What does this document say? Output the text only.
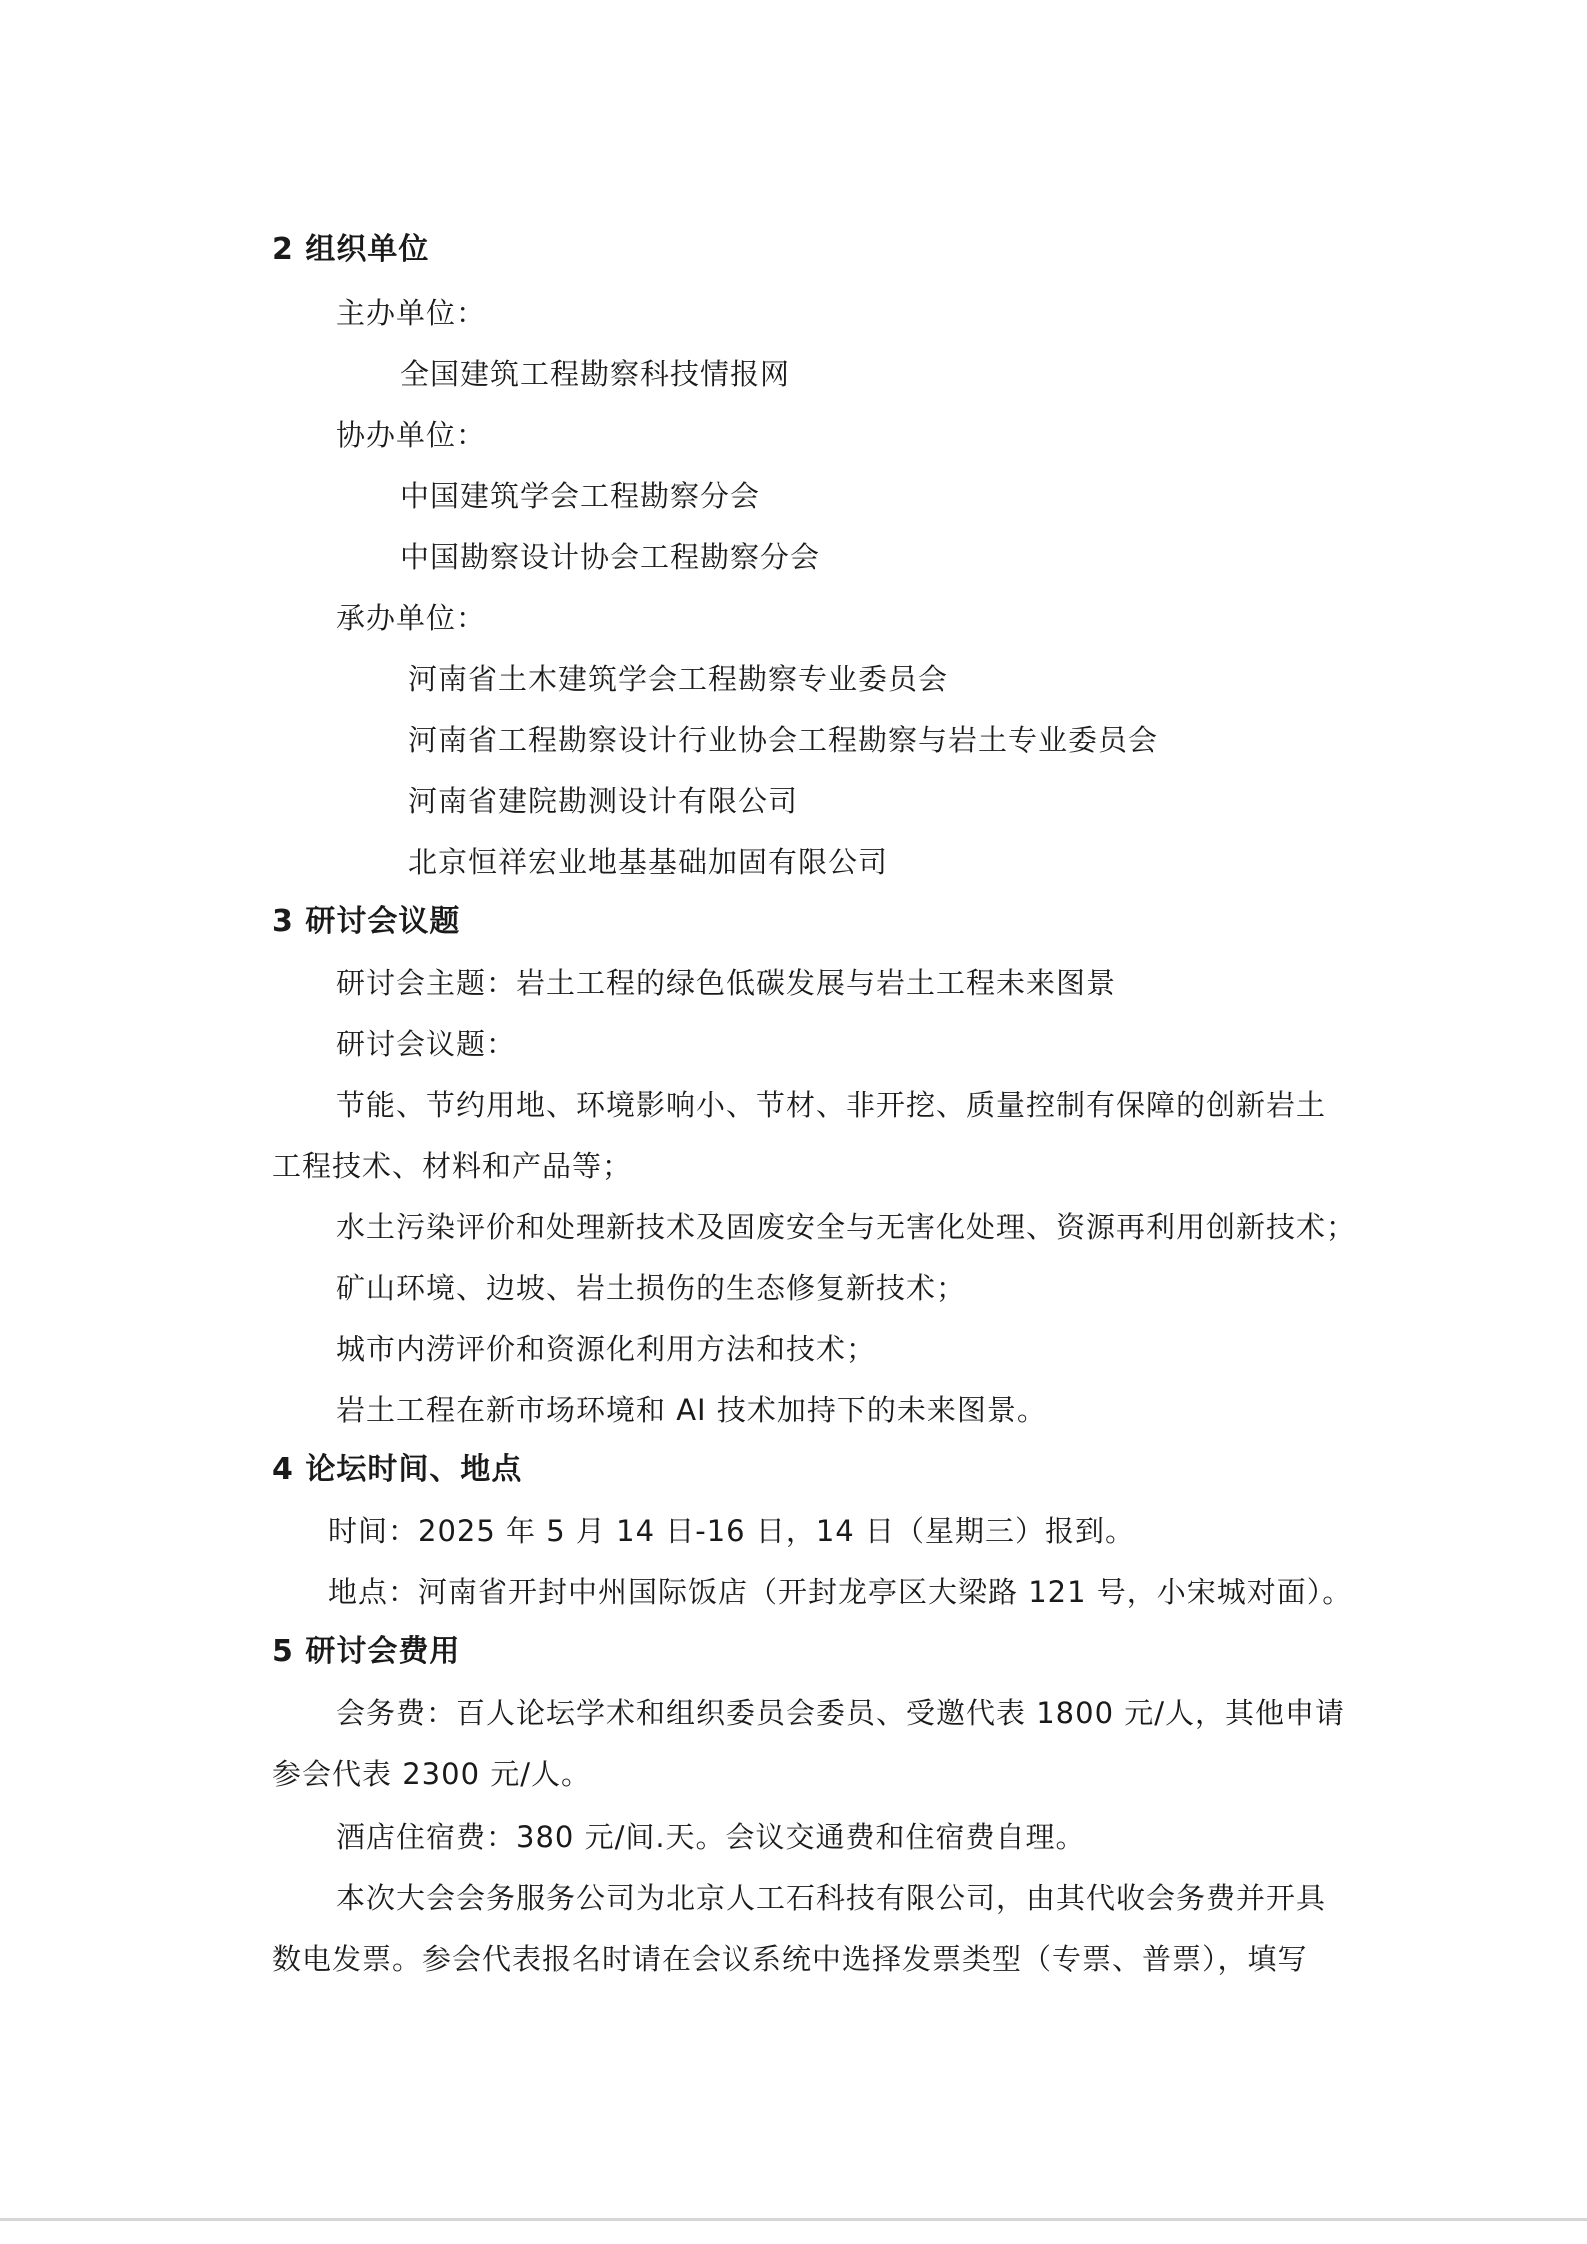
2 组织单位
主办单位：
全国建筑工程勘察科技情报网
协办单位：
中国建筑学会工程勘察分会
中国勘察设计协会工程勘察分会
承办单位：
河南省土木建筑学会工程勘察专业委员会
河南省工程勘察设计行业协会工程勘察与岩土专业委员会
河南省建院勘测设计有限公司
北京恒祥宏业地基基础加固有限公司
3 研讨会议题
研讨会主题：岩土工程的绿色低碳发展与岩土工程未来图景
研讨会议题：
节能、节约用地、环境影响小、节材、非开挖、质量控制有保障的创新岩土
工程技术、材料和产品等；
水土污染评价和处理新技术及固废安全与无害化处理、资源再利用创新技术；
矿山环境、边坡、岩土损伤的生态修复新技术；
城市内涝评价和资源化利用方法和技术；
岩土工程在新市场环境和 AI 技术加持下的未来图景。
4 论坛时间、地点
时间：2025 年 5 月 14 日-16 日，14 日（星期三）报到。
地点：河南省开封中州国际饭店（开封龙亭区大梁路 121 号，小宋城对面）。
5 研讨会费用
会务费：百人论坛学术和组织委员会委员、受邀代表 1800 元/人，其他申请
参会代表 2300 元/人。
酒店住宿费：380 元/间.天。会议交通费和住宿费自理。
本次大会会务服务公司为北京人工石科技有限公司，由其代收会务费并开具
数电发票。参会代表报名时请在会议系统中选择发票类型（专票、普票），填写
